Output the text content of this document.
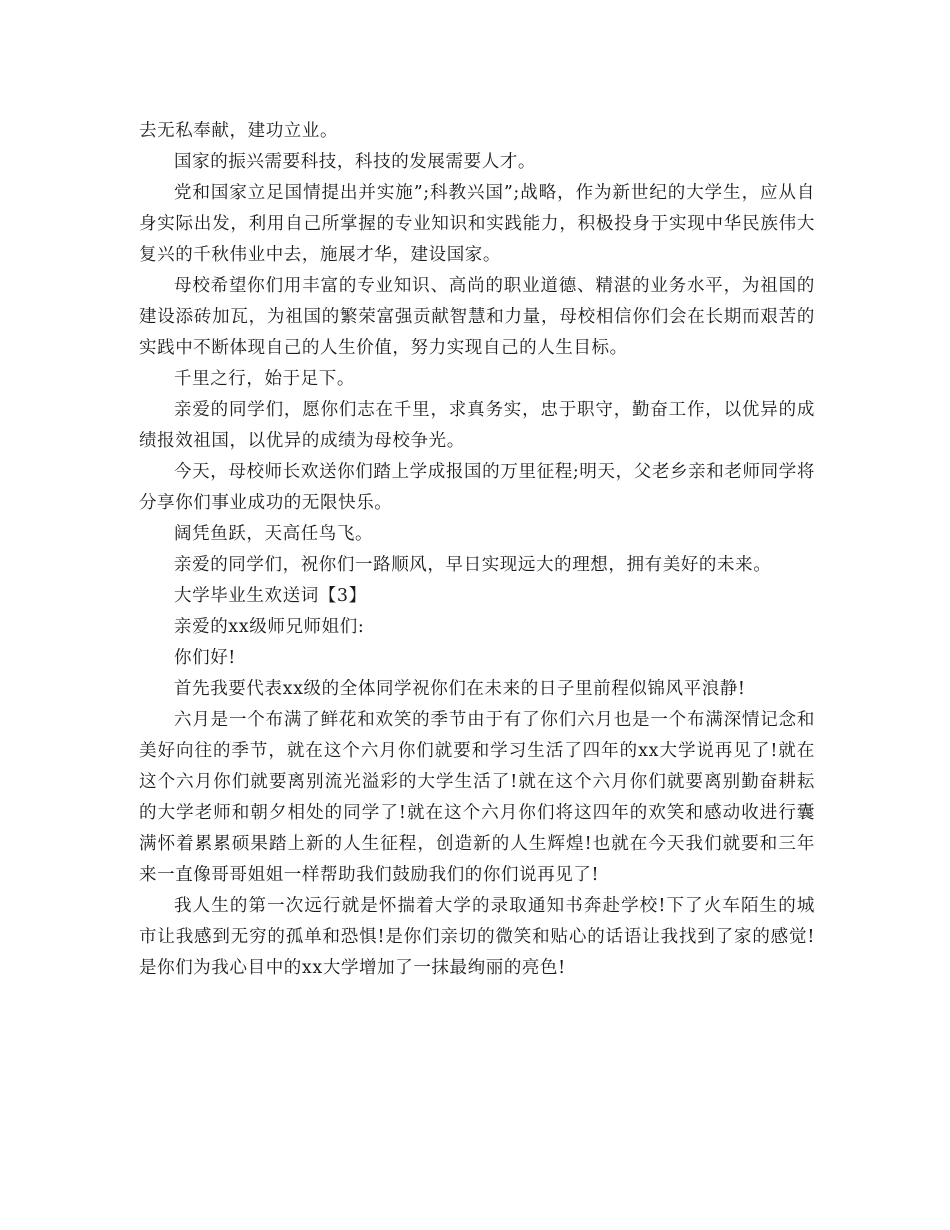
去无私奉献，建功立业。

国家的振兴需要科技，科技的发展需要人才。

党和国家立足国情提出并实施”;科教兴国”;战略，作为新世纪的大学生，应从自身实际出发，利用自己所掌握的专业知识和实践能力，积极投身于实现中华民族伟大复兴的千秋伟业中去，施展才华，建设国家。

母校希望你们用丰富的专业知识、高尚的职业道德、精湛的业务水平，为祖国的建设添砖加瓦，为祖国的繁荣富强贡献智慧和力量，母校相信你们会在长期而艰苦的实践中不断体现自己的人生价值，努力实现自己的人生目标。

千里之行，始于足下。

亲爱的同学们，愿你们志在千里，求真务实，忠于职守，勤奋工作，以优异的成绩报效祖国，以优异的成绩为母校争光。

今天，母校师长欢送你们踏上学成报国的万里征程;明天，父老乡亲和老师同学将分享你们事业成功的无限快乐。

阔凭鱼跃，天高任鸟飞。

亲爱的同学们，祝你们一路顺风，早日实现远大的理想，拥有美好的未来。

大学毕业生欢送词【3】

亲爱的xx级师兄师姐们:

你们好!

首先我要代表xx级的全体同学祝你们在未来的日子里前程似锦风平浪静!

六月是一个布满了鲜花和欢笑的季节由于有了你们六月也是一个布满深情记念和美好向往的季节，就在这个六月你们就要和学习生活了四年的xx大学说再见了!就在这个六月你们就要离别流光溢彩的大学生活了!就在这个六月你们就要离别勤奋耕耘的大学老师和朝夕相处的同学了!就在这个六月你们将这四年的欢笑和感动收进行囊满怀着累累硕果踏上新的人生征程，创造新的人生辉煌!也就在今天我们就要和三年来一直像哥哥姐姐一样帮助我们鼓励我们的你们说再见了!

我人生的第一次远行就是怀揣着大学的录取通知书奔赴学校!下了火车陌生的城市让我感到无穷的孤单和恐惧!是你们亲切的微笑和贴心的话语让我找到了家的感觉!是你们为我心目中的xx大学增加了一抹最绚丽的亮色!
